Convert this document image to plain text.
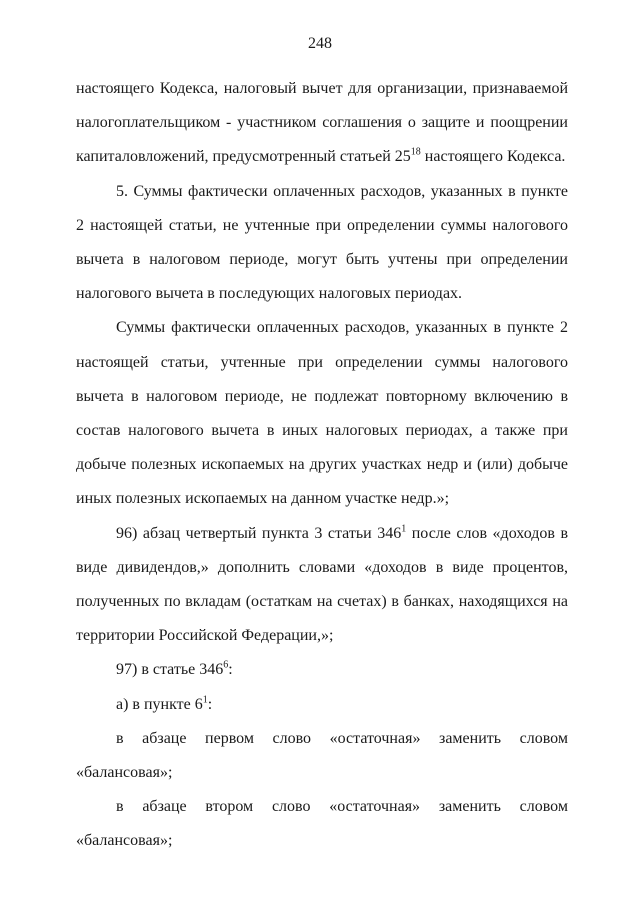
248

настоящего Кодекса, налоговый вычет для организации, признаваемой налогоплательщиком - участником соглашения о защите и поощрении капиталовложений, предусмотренный статьей $25^{18}$ настоящего Кодекса.

5. Суммы фактически оплаченных расходов, указанных в пункте 2 настоящей статьи, не учтенные при определении суммы налогового вычета в налоговом периоде, могут быть учтены при определении налогового вычета в последующих налоговых периодах.

Суммы фактически оплаченных расходов, указанных в пункте 2 настоящей статьи, учтенные при определении суммы налогового вычета в налоговом периоде, не подлежат повторному включению в состав налогового вычета в иных налоговых периодах, а также при добыче полезных ископаемых на других участках недр и (или) добыче иных полезных ископаемых на данном участке недр.»;

96) абзац четвертый пункта 3 статьи $346^1$ после слов «доходов в виде дивидендов,» дополнить словами «доходов в виде процентов, полученных по вкладам (остаткам на счетах) в банках, находящихся на территории Российской Федерации,»;

97) в статье $346^6$:

а) в пункте $6^1$:

в абзаце первом слово «остаточная» заменить словом «балансовая»;

в абзаце втором слово «остаточная» заменить словом «балансовая»;
